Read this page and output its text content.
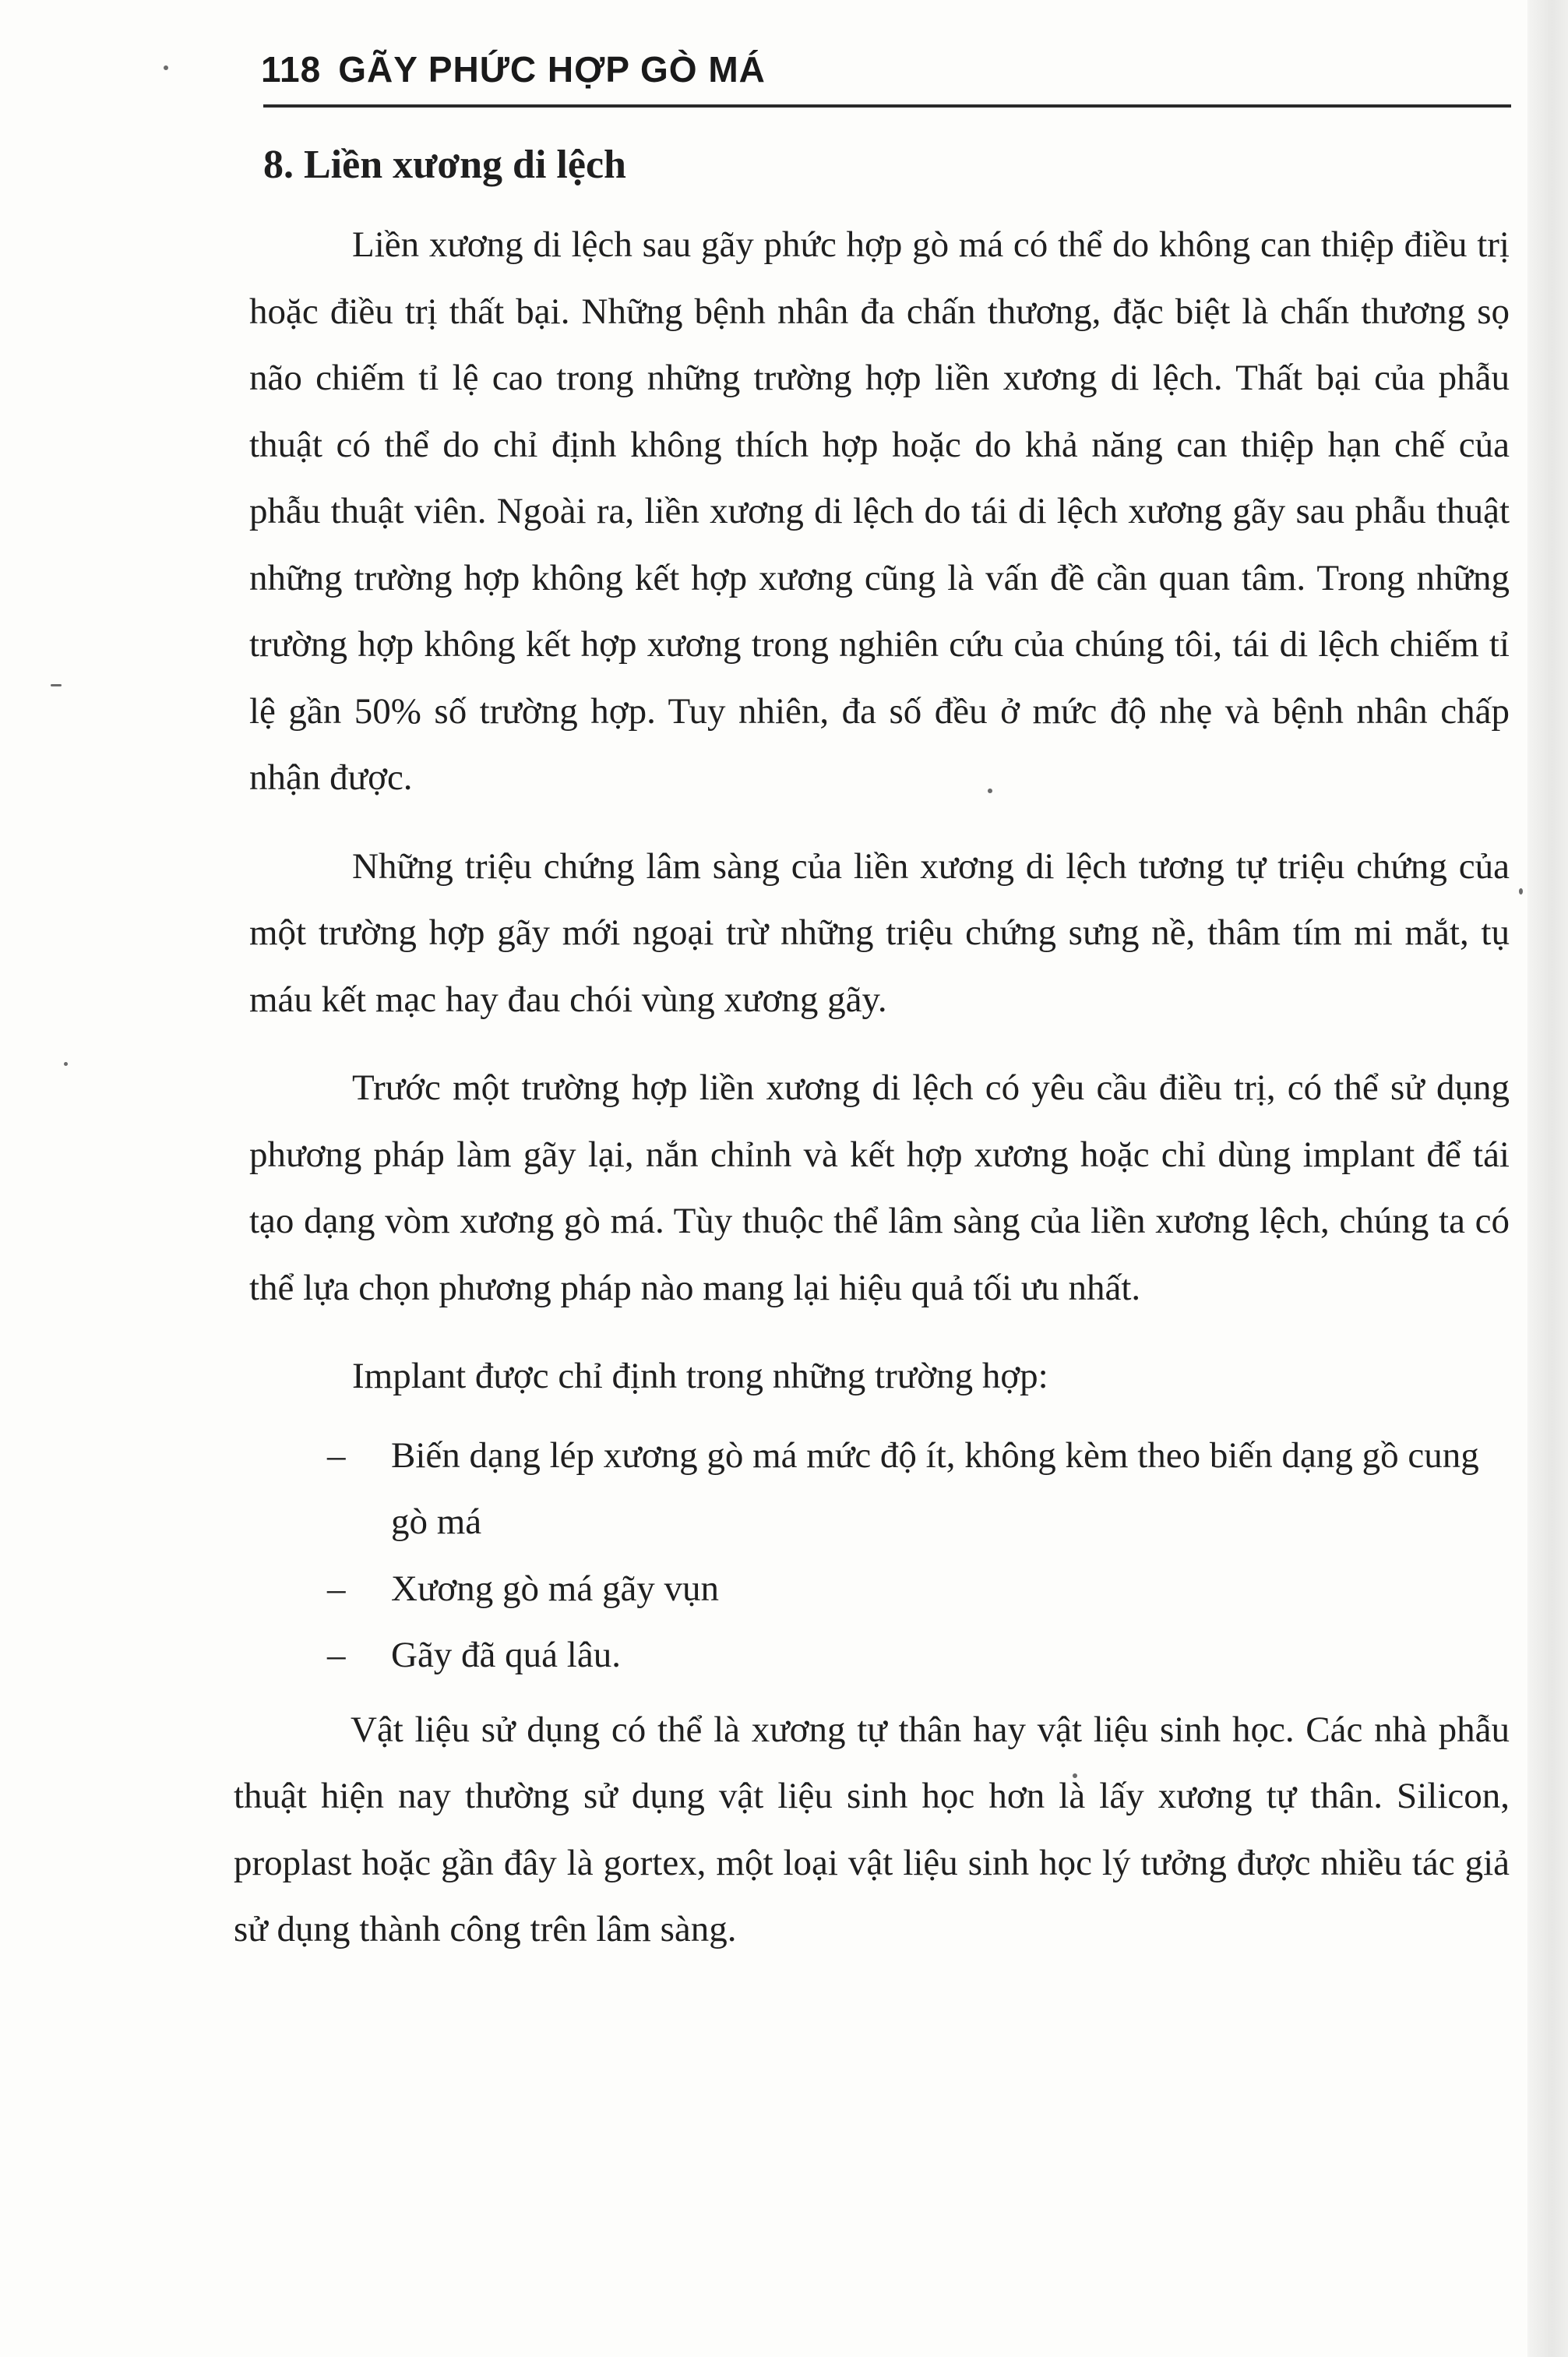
118 GÃY PHỨC HỢP GÒ MÁ
8. Liền xương di lệch

Liền xương di lệch sau gãy phức hợp gò má có thể do không can thiệp điều trị hoặc điều trị thất bại. Những bệnh nhân đa chấn thương, đặc biệt là chấn thương sọ não chiếm tỉ lệ cao trong những trường hợp liền xương di lệch. Thất bại của phẫu thuật có thể do chỉ định không thích hợp hoặc do khả năng can thiệp hạn chế của phẫu thuật viên. Ngoài ra, liền xương di lệch do tái di lệch xương gãy sau phẫu thuật những trường hợp không kết hợp xương cũng là vấn đề cần quan tâm. Trong những trường hợp không kết hợp xương trong nghiên cứu của chúng tôi, tái di lệch chiếm tỉ lệ gần 50% số trường hợp. Tuy nhiên, đa số đều ở mức độ nhẹ và bệnh nhân chấp nhận được.

Những triệu chứng lâm sàng của liền xương di lệch tương tự triệu chứng của một trường hợp gãy mới ngoại trừ những triệu chứng sưng nề, thâm tím mi mắt, tụ máu kết mạc hay đau chói vùng xương gãy.

Trước một trường hợp liền xương di lệch có yêu cầu điều trị, có thể sử dụng phương pháp làm gãy lại, nắn chỉnh và kết hợp xương hoặc chỉ dùng implant để tái tạo dạng vòm xương gò má. Tùy thuộc thể lâm sàng của liền xương lệch, chúng ta có thể lựa chọn phương pháp nào mang lại hiệu quả tối ưu nhất.

Implant được chỉ định trong những trường hợp:

– Biến dạng lép xương gò má mức độ ít, không kèm theo biến dạng gồ cung gò má
– Xương gò má gãy vụn
– Gãy đã quá lâu.

Vật liệu sử dụng có thể là xương tự thân hay vật liệu sinh học. Các nhà phẫu thuật hiện nay thường sử dụng vật liệu sinh học hơn là lấy xương tự thân. Silicon, proplast hoặc gần đây là gortex, một loại vật liệu sinh học lý tưởng được nhiều tác giả sử dụng thành công trên lâm sàng.
